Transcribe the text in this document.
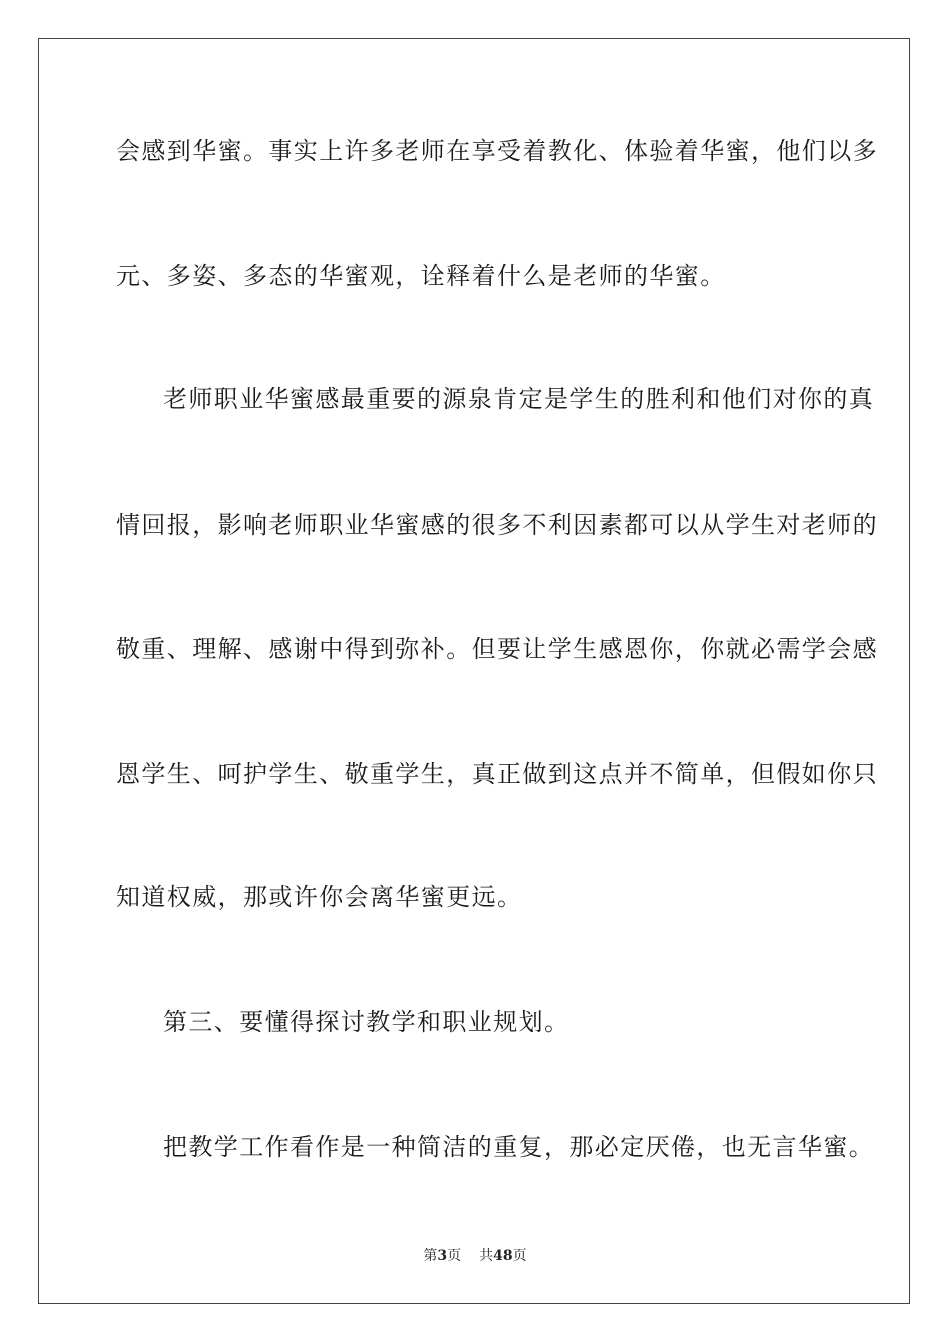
会感到华蜜。事实上许多老师在享受着教化、体验着华蜜，他们以多
元、多姿、多态的华蜜观，诠释着什么是老师的华蜜。
老师职业华蜜感最重要的源泉肯定是学生的胜利和他们对你的真
情回报，影响老师职业华蜜感的很多不利因素都可以从学生对老师的
敬重、理解、感谢中得到弥补。但要让学生感恩你，你就必需学会感
恩学生、呵护学生、敬重学生，真正做到这点并不简单，但假如你只
知道权威，那或许你会离华蜜更远。
第三、要懂得探讨教学和职业规划。
把教学工作看作是一种简洁的重复，那必定厌倦，也无言华蜜。
第3页 共48页
